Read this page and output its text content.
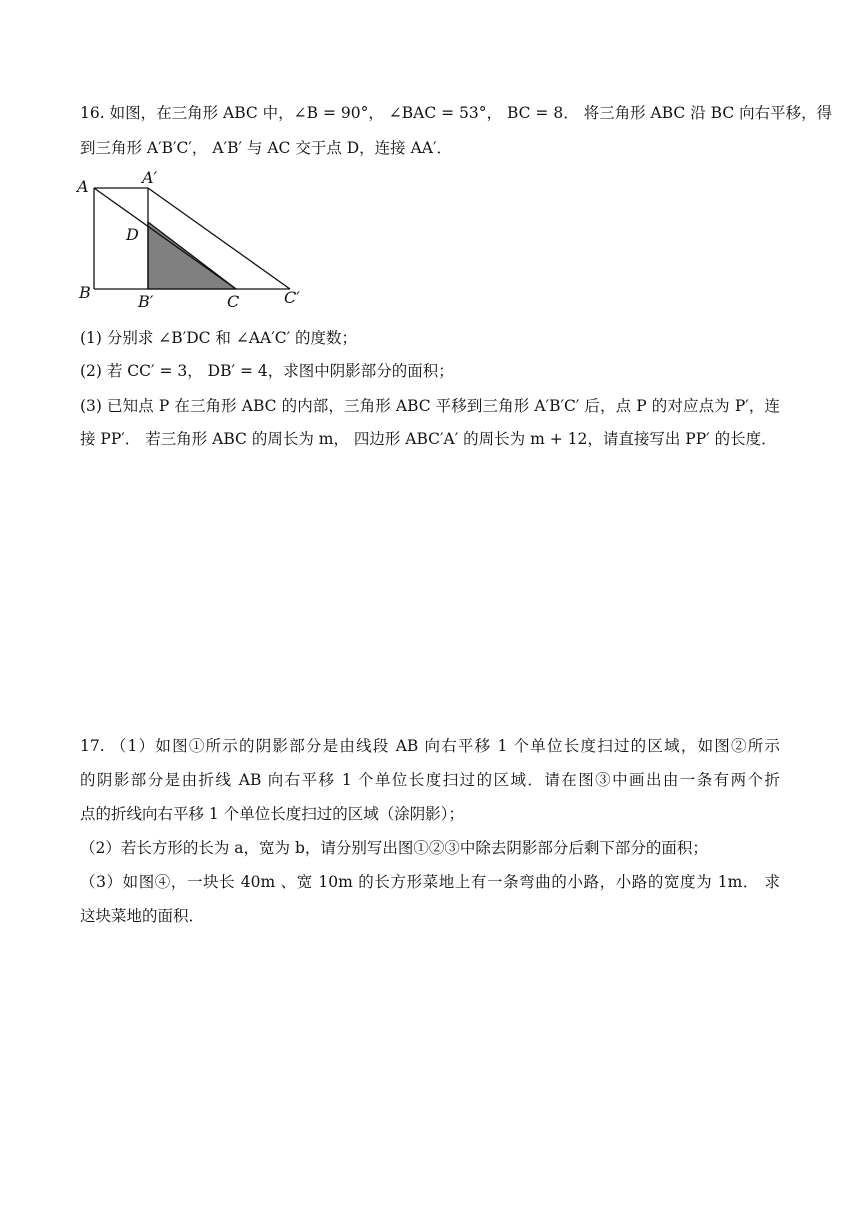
16. 如图，在三角形 ABC 中，∠B = 90°， ∠BAC = 53°， BC = 8． 将三角形 ABC 沿 BC 向右平移，得
到三角形 A′B′C′， A′B′ 与 AC 交于点 D，连接 AA′．
A	A′
D
B	B′	C	C′
(1) 分别求 ∠B′DC 和 ∠AA′C′ 的度数；
(2) 若 CC′ = 3， DB′ = 4，求图中阴影部分的面积；
(3) 已知点 P 在三角形 ABC 的内部，三角形 ABC 平移到三角形 A′B′C′ 后，点 P 的对应点为 P′，连
接 PP′． 若三角形 ABC 的周长为 m， 四边形 ABC′A′ 的周长为 m + 12，请直接写出 PP′ 的长度．
17. （1）如图①所示的阴影部分是由线段 AB 向右平移 1 个单位长度扫过的区域，如图②所示
的阴影部分是由折线 AB 向右平移 1 个单位长度扫过的区域．请在图③中画出由一条有两个折
点的折线向右平移 1 个单位长度扫过的区域（涂阴影）；
（2）若长方形的长为 a，宽为 b，请分别写出图①②③中除去阴影部分后剩下部分的面积；
（3）如图④，一块长 40m 、宽 10m 的长方形菜地上有一条弯曲的小路，小路的宽度为 1m． 求
这块菜地的面积．
